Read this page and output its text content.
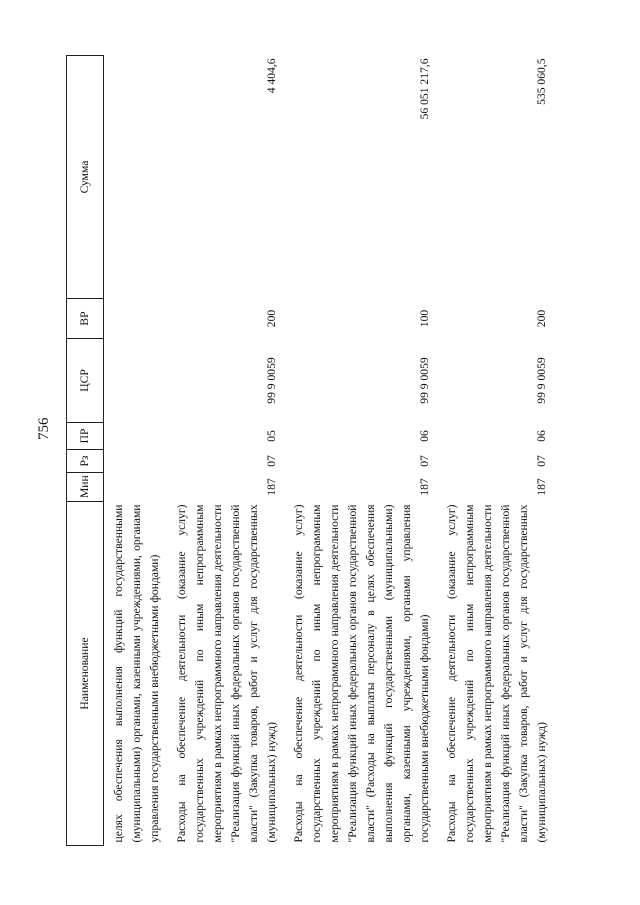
756
Наименование	Мин	Рз	ПР	ЦСР	ВР	Сумма
целях обеспечения выполнения функций государственными (муниципальными) органами, казенными учреждениями, органами управления государственными внебюджетными фондами)						
Расходы на обеспечение деятельности (оказание услуг) государственных учреждений по иным непрограммным мероприятиям в рамках непрограммного направления деятельности "Реализация функций иных федеральных органов государственной власти" (Закупка товаров, работ и услуг для государственных (муниципальных) нужд)	187	07	05	99 9 0059	200	4 404,6
Расходы на обеспечение деятельности (оказание услуг) государственных учреждений по иным непрограммным мероприятиям в рамках непрограммного направления деятельности "Реализация функций иных федеральных органов государственной власти" (Расходы на выплаты персоналу в целях обеспечения выполнения функций государственными (муниципальными) органами, казенными учреждениями, органами управления государственными внебюджетными фондами)	187	07	06	99 9 0059	100	56 051 217,6
Расходы на обеспечение деятельности (оказание услуг) государственных учреждений по иным непрограммным мероприятиям в рамках непрограммного направления деятельности "Реализация функций иных федеральных органов государственной власти" (Закупка товаров, работ и услуг для государственных (муниципальных) нужд)	187	07	06	99 9 0059	200	535 060,5
